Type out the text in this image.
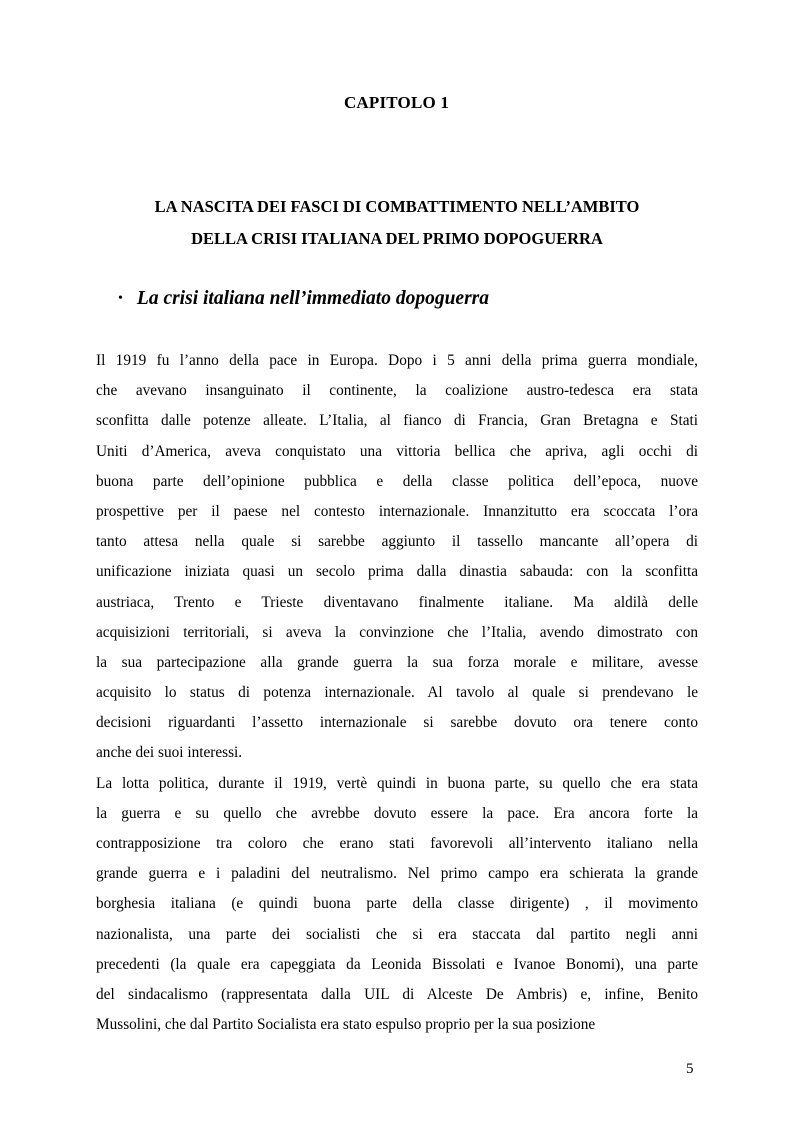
CAPITOLO 1
LA NASCITA DEI FASCI DI COMBATTIMENTO NELL’AMBITO
DELLA CRISI ITALIANA DEL PRIMO DOPOGUERRA
• La crisi italiana nell’immediato dopoguerra
Il 1919 fu l’anno della pace in Europa. Dopo i 5 anni della prima guerra mondiale,
che avevano insanguinato il continente, la coalizione austro-tedesca era stata
sconfitta dalle potenze alleate. L’Italia, al fianco di Francia, Gran Bretagna e Stati
Uniti d’America, aveva conquistato una vittoria bellica che apriva, agli occhi di
buona parte dell’opinione pubblica e della classe politica dell’epoca, nuove
prospettive per il paese nel contesto internazionale. Innanzitutto era scoccata l’ora
tanto attesa nella quale si sarebbe aggiunto il tassello mancante all’opera di
unificazione iniziata quasi un secolo prima dalla dinastia sabauda: con la sconfitta
austriaca, Trento e Trieste diventavano finalmente italiane. Ma aldilà delle
acquisizioni territoriali, si aveva la convinzione che l’Italia, avendo dimostrato con
la sua partecipazione alla grande guerra la sua forza morale e militare, avesse
acquisito lo status di potenza internazionale. Al tavolo al quale si prendevano le
decisioni riguardanti l’assetto internazionale si sarebbe dovuto ora tenere conto
anche dei suoi interessi.
La lotta politica, durante il 1919, vertè quindi in buona parte, su quello che era stata
la guerra e su quello che avrebbe dovuto essere la pace. Era ancora forte la
contrapposizione tra coloro che erano stati favorevoli all’intervento italiano nella
grande guerra e i paladini del neutralismo. Nel primo campo era schierata la grande
borghesia italiana (e quindi buona parte della classe dirigente) , il movimento
nazionalista, una parte dei socialisti che si era staccata dal partito negli anni
precedenti (la quale era capeggiata da Leonida Bissolati e Ivanoe Bonomi), una parte
del sindacalismo (rappresentata dalla UIL di Alceste De Ambris) e, infine, Benito
Mussolini, che dal Partito Socialista era stato espulso proprio per la sua posizione
5
